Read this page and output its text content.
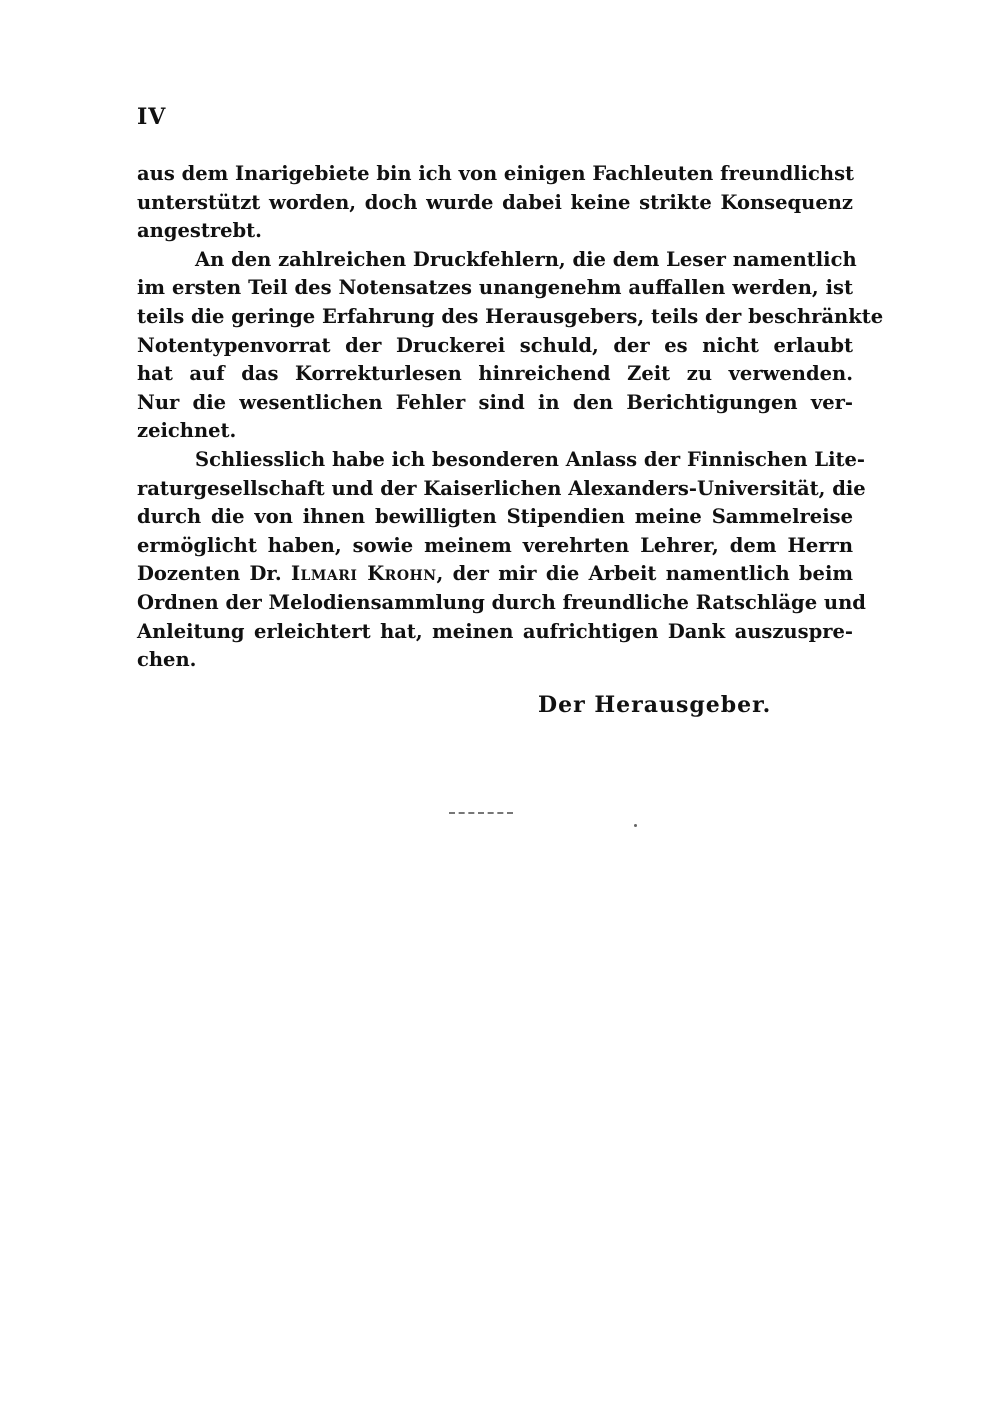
IV
aus dem Inarigebiete bin ich von einigen Fachleuten freundlichst
unterstützt worden, doch wurde dabei keine strikte Konsequenz
angestrebt.
An den zahlreichen Druckfehlern, die dem Leser namentlich
im ersten Teil des Notensatzes unangenehm auffallen werden, ist
teils die geringe Erfahrung des Herausgebers, teils der beschränkte
Notentypenvorrat der Druckerei schuld, der es nicht erlaubt
hat auf das Korrekturlesen hinreichend Zeit zu verwenden.
Nur die wesentlichen Fehler sind in den Berichtigungen ver-
zeichnet.
Schliesslich habe ich besonderen Anlass der Finnischen Lite-
raturgesellschaft und der Kaiserlichen Alexanders-Universität, die
durch die von ihnen bewilligten Stipendien meine Sammelreise
ermöglicht haben, sowie meinem verehrten Lehrer, dem Herrn
Dozenten Dr. Ilmari Krohn, der mir die Arbeit namentlich beim
Ordnen der Melodiensammlung durch freundliche Ratschläge und
Anleitung erleichtert hat, meinen aufrichtigen Dank auszuspre-
chen.
Der Herausgeber.
